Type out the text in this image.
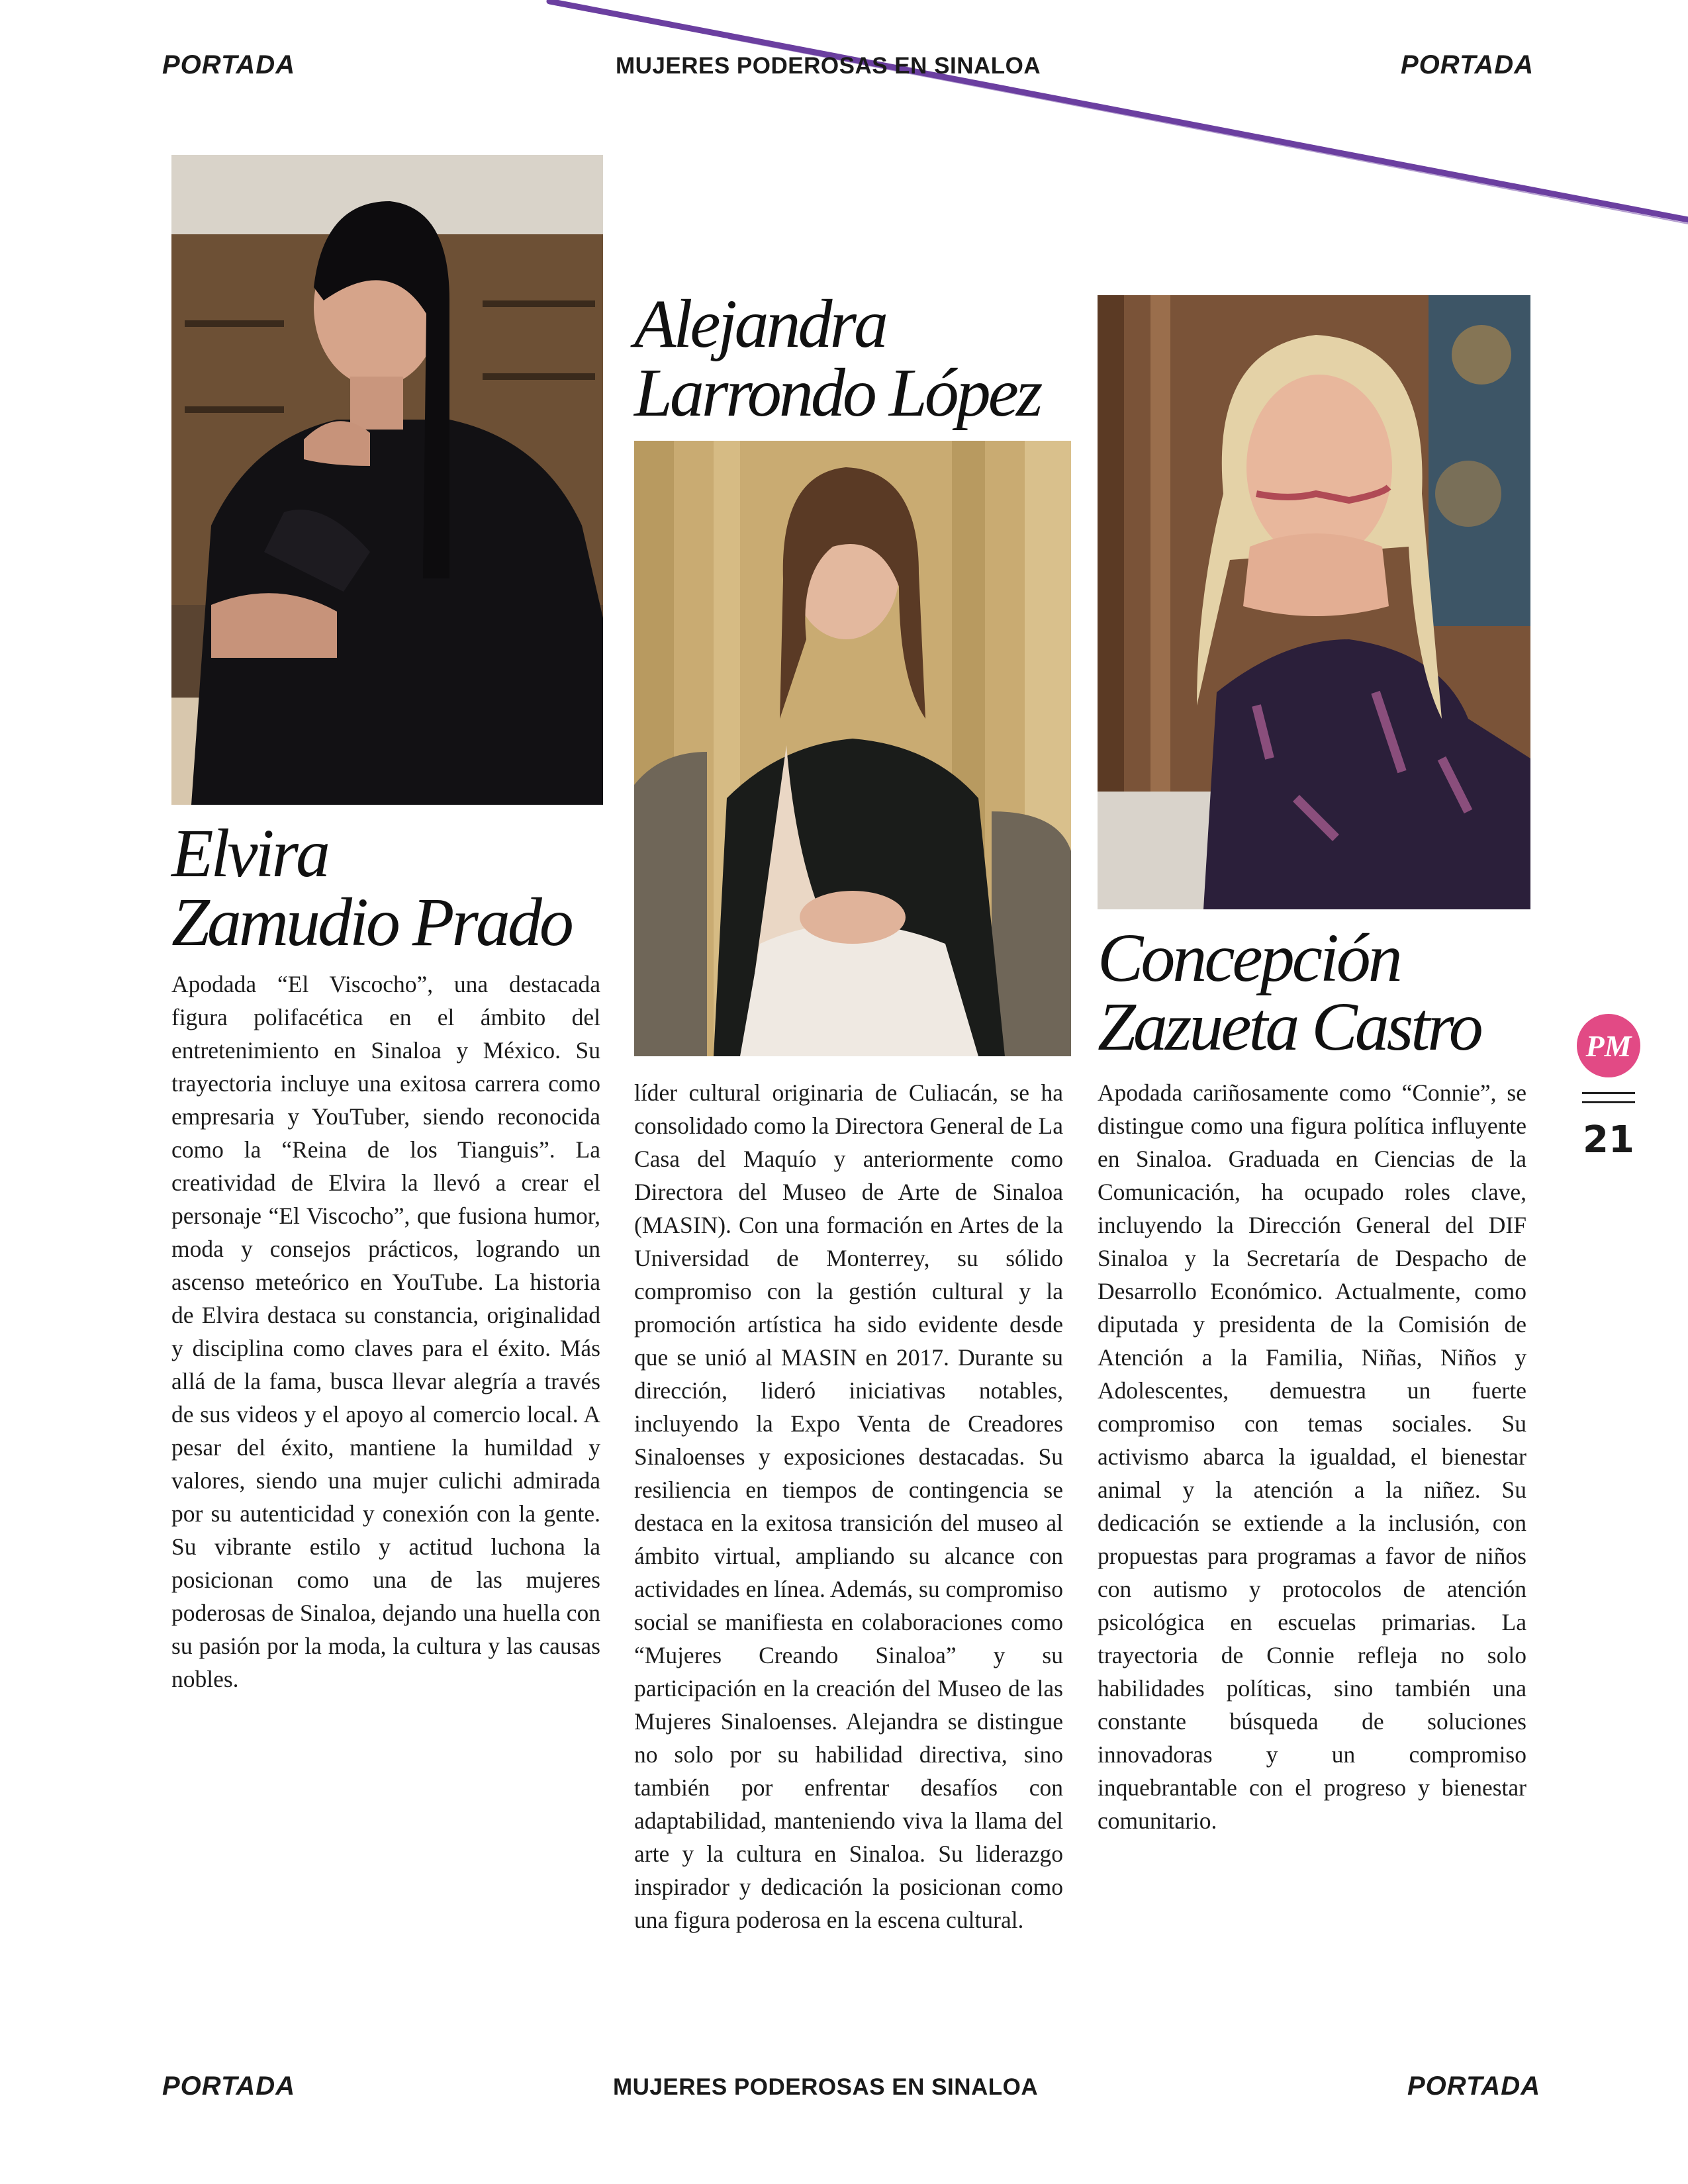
PORTADA	MUJERES PODEROSAS EN SINALOA	PORTADA
Elvira
Zamudio Prado

Apodada “El Viscocho”, una destacada figura polifacética en el ámbito del entretenimiento en Sinaloa y México. Su trayectoria incluye una exitosa carrera como empresaria y YouTuber, siendo reconocida como la “Reina de los Tianguis”. La creatividad de Elvira la llevó a crear el personaje “El Viscocho”, que fusiona humor, moda y consejos prácticos, logrando un ascenso meteórico en YouTube. La historia de Elvira destaca su constancia, originalidad y disciplina como claves para el éxito. Más allá de la fama, busca llevar alegría a través de sus videos y el apoyo al comercio local. A pesar del éxito, mantiene la humildad y valores, siendo una mujer culichi admirada por su autenticidad y conexión con la gente. Su vibrante estilo y actitud luchona la posicionan como una de las mujeres poderosas de Sinaloa, dejando una huella con su pasión por la moda, la cultura y las causas nobles.

Alejandra
Larrondo López

líder cultural originaria de Culiacán, se ha consolidado como la Directora General de La Casa del Maquío y anteriormente como Directora del Museo de Arte de Sinaloa (MASIN). Con una formación en Artes de la Universidad de Monterrey, su sólido compromiso con la gestión cultural y la promoción artística ha sido evidente desde que se unió al MASIN en 2017. Durante su dirección, lideró iniciativas notables, incluyendo la Expo Venta de Creadores Sinaloenses y exposiciones destacadas. Su resiliencia en tiempos de contingencia se destaca en la exitosa transición del museo al ámbito virtual, ampliando su alcance con actividades en línea. Además, su compromiso social se manifiesta en colaboraciones como “Mujeres Creando Sinaloa” y su participación en la creación del Museo de las Mujeres Sinaloenses. Alejandra se distingue no solo por su habilidad directiva, sino también por enfrentar desafíos con adaptabilidad, manteniendo viva la llama del arte y la cultura en Sinaloa. Su liderazgo inspirador y dedicación la posicionan como una figura poderosa en la escena cultural.

Concepción
Zazueta Castro

Apodada cariñosamente como “Connie”, se distingue como una figura política influyente en Sinaloa. Graduada en Ciencias de la Comunicación, ha ocupado roles clave, incluyendo la Dirección General del DIF Sinaloa y la Secretaría de Despacho de Desarrollo Económico. Actualmente, como diputada y presidenta de la Comisión de Atención a la Familia, Niñas, Niños y Adolescentes, demuestra un fuerte compromiso con temas sociales. Su activismo abarca la igualdad, el bienestar animal y la atención a la niñez. Su dedicación se extiende a la inclusión, con propuestas para programas a favor de niños con autismo y protocolos de atención psicológica en escuelas primarias. La trayectoria de Connie refleja no solo habilidades políticas, sino también una constante búsqueda de soluciones innovadoras y un compromiso inquebrantable con el progreso y bienestar comunitario.

PM
21
PORTADA	MUJERES PODEROSAS EN SINALOA	PORTADA
